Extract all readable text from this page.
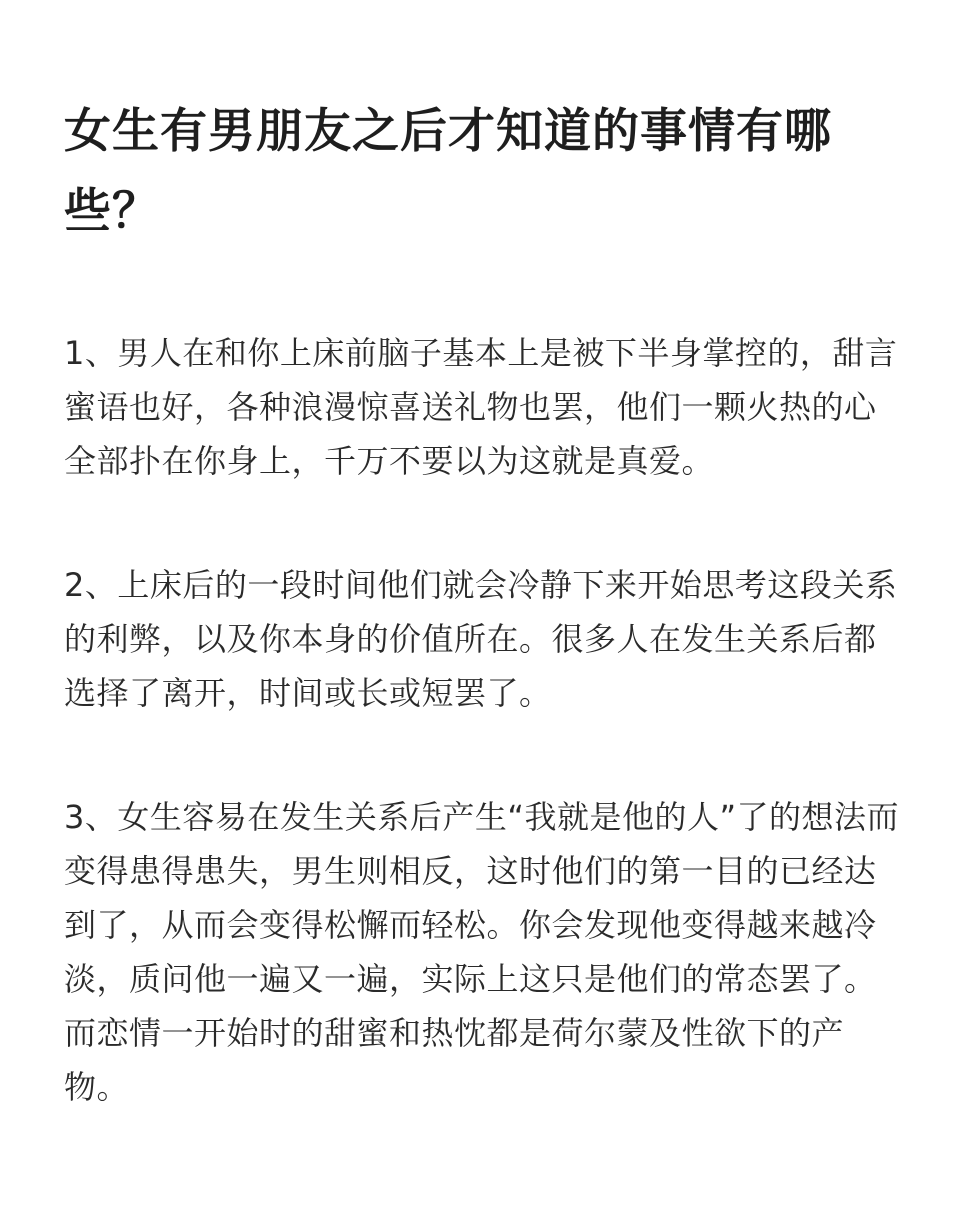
女生有男朋友之后才知道的事情有哪些？

1、男人在和你上床前脑子基本上是被下半身掌控的，甜言蜜语也好，各种浪漫惊喜送礼物也罢，他们一颗火热的心全部扑在你身上，千万不要以为这就是真爱。

2、上床后的一段时间他们就会冷静下来开始思考这段关系的利弊，以及你本身的价值所在。很多人在发生关系后都选择了离开，时间或长或短罢了。

3、女生容易在发生关系后产生“我就是他的人”了的想法而变得患得患失，男生则相反，这时他们的第一目的已经达到了，从而会变得松懈而轻松。你会发现他变得越来越冷淡，质问他一遍又一遍，实际上这只是他们的常态罢了。而恋情一开始时的甜蜜和热忱都是荷尔蒙及性欲下的产物。
